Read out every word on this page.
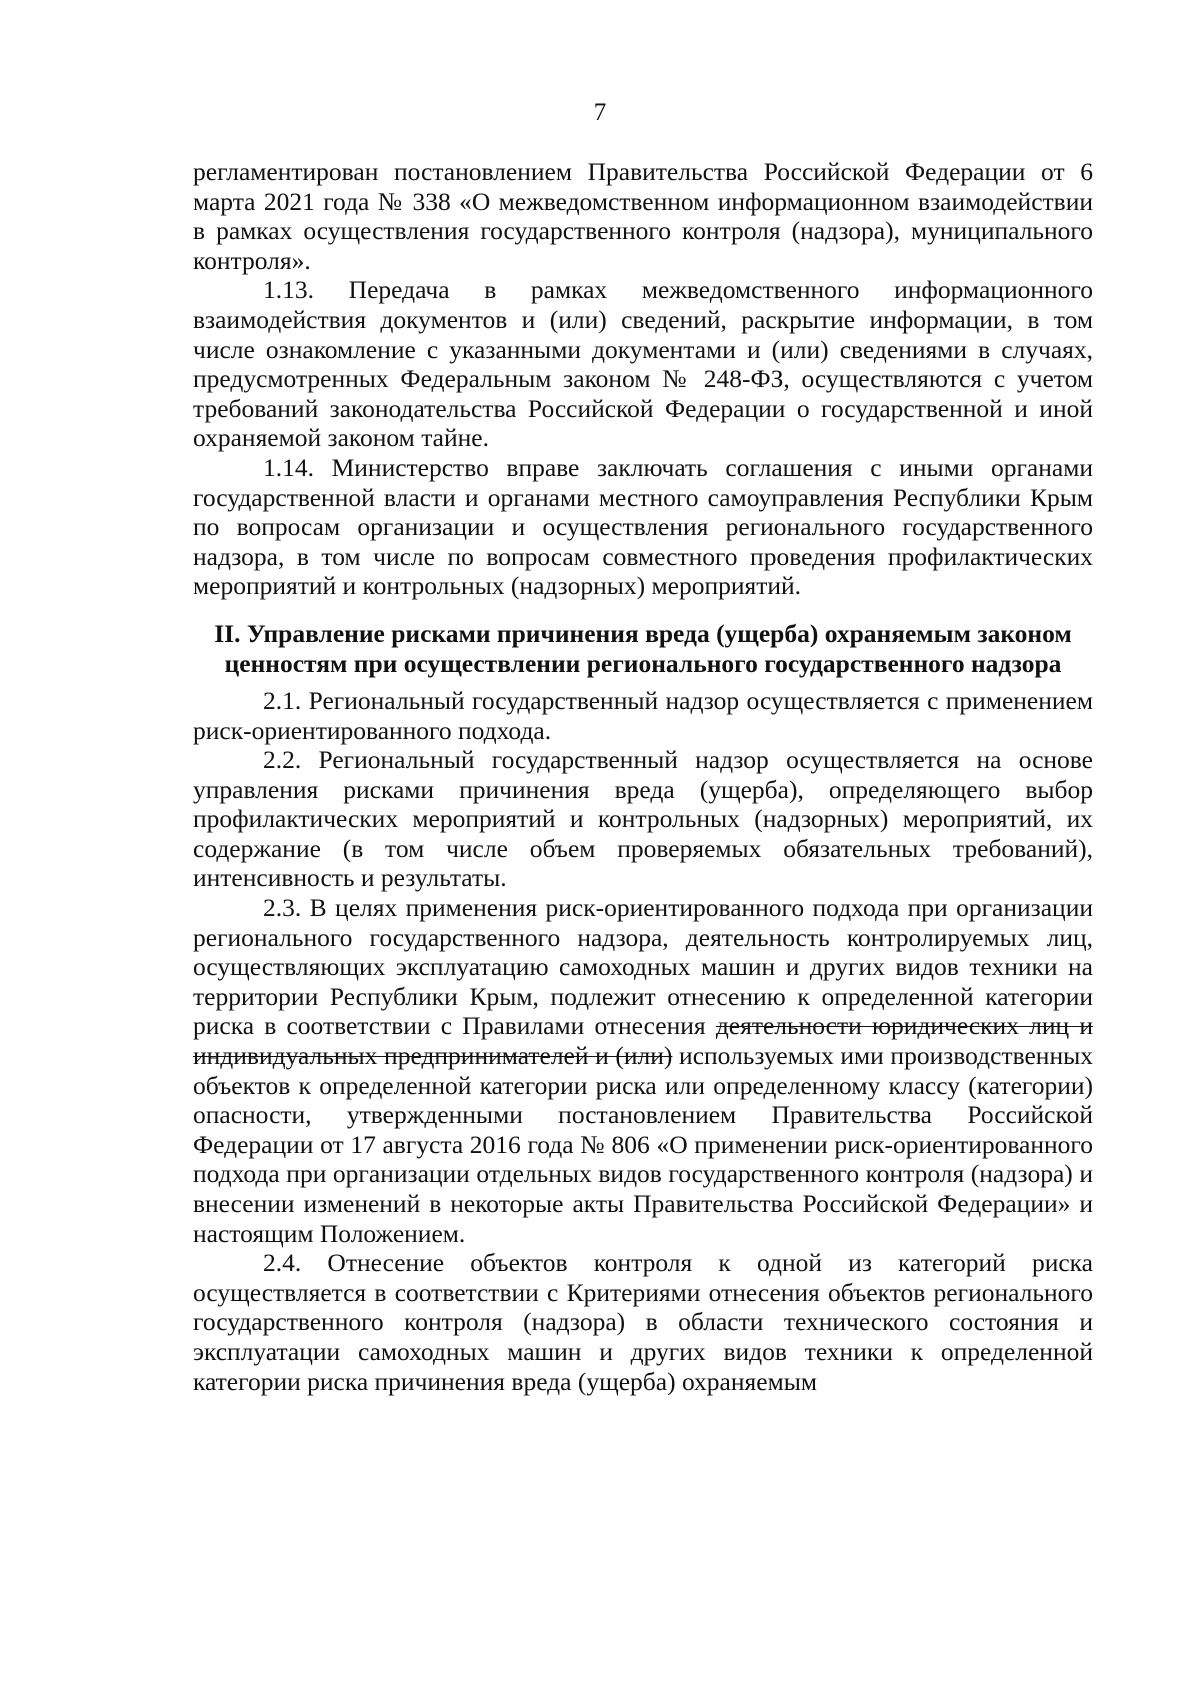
7

регламентирован постановлением Правительства Российской Федерации от 6 марта 2021 года № 338 «О межведомственном информационном взаимодействии в рамках осуществления государственного контроля (надзора), муниципального контроля».

1.13. Передача в рамках межведомственного информационного взаимодействия документов и (или) сведений, раскрытие информации, в том числе ознакомление с указанными документами и (или) сведениями в случаях, предусмотренных Федеральным законом № 248-ФЗ, осуществляются с учетом требований законодательства Российской Федерации о государственной и иной охраняемой законом тайне.

1.14. Министерство вправе заключать соглашения с иными органами государственной власти и органами местного самоуправления Республики Крым по вопросам организации и осуществления регионального государственного надзора, в том числе по вопросам совместного проведения профилактических мероприятий и контрольных (надзорных) мероприятий.

II. Управление рисками причинения вреда (ущерба) охраняемым законом ценностям при осуществлении регионального государственного надзора

2.1. Региональный государственный надзор осуществляется с применением риск-ориентированного подхода.

2.2. Региональный государственный надзор осуществляется на основе управления рисками причинения вреда (ущерба), определяющего выбор профилактических мероприятий и контрольных (надзорных) мероприятий, их содержание (в том числе объем проверяемых обязательных требований), интенсивность и результаты.

2.3. В целях применения риск-ориентированного подхода при организации регионального государственного надзора, деятельность контролируемых лиц, осуществляющих эксплуатацию самоходных машин и других видов техники на территории Республики Крым, подлежит отнесению к определенной категории риска в соответствии с Правилами отнесения деятельности юридических лиц и индивидуальных предпринимателей и (или) используемых ими производственных объектов к определенной категории риска или определенному классу (категории) опасности, утвержденными постановлением Правительства Российской Федерации от 17 августа 2016 года № 806 «О применении риск-ориентированного подхода при организации отдельных видов государственного контроля (надзора) и внесении изменений в некоторые акты Правительства Российской Федерации» и настоящим Положением.

2.4. Отнесение объектов контроля к одной из категорий риска осуществляется в соответствии с Критериями отнесения объектов регионального государственного контроля (надзора) в области технического состояния и эксплуатации самоходных машин и других видов техники к определенной категории риска причинения вреда (ущерба) охраняемым
